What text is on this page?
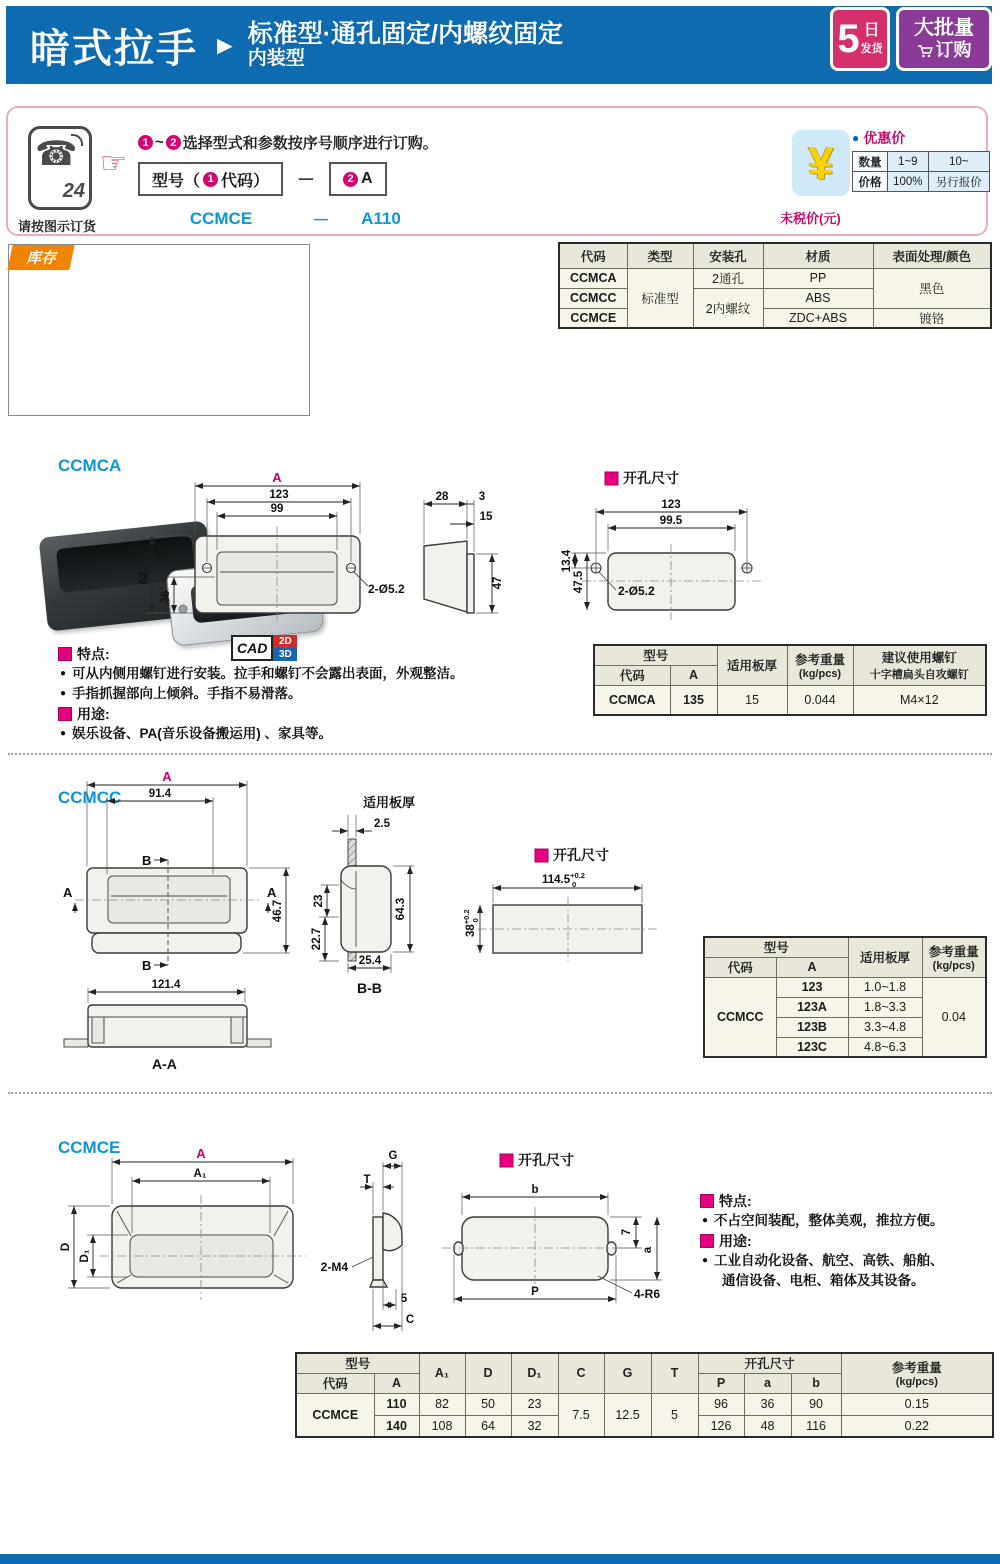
暗式拉手 ► 标准型·通孔固定/内螺纹固定
内装型	5 日
发货
大批量
订购
☎
24
请按图示订货
☞
1 ~ 2 选择型式和参数按序号顺序进行订购。
型号（ 1 代码） －	2 A
CCMCE	－	A110
¥
未税价(元)
● 优惠价
数量	1~9	10~
价格	100%	另行报价
CAD	2D
3D
库存	代码	类型	安装孔	材质	表面处理/颜色
CCMCA	标准型	2通孔	PP	黑色
CCMCC		2内螺纹	ABS	
CCMCE			ZDC+ABS	镀铬
CCMCA
A
123
99
62
36
2-Ø5.2
28	3
15
47
开孔尺寸
123
99.5
13.4
47.5	2-Ø5.2
特点:
● 可从内侧用螺钉进行安装。拉手和螺钉不会露出表面，外观整洁。
● 手指抓握部向上倾斜。手指不易滑落。
用途:
● 娱乐设备、PA(音乐设备搬运用) 、家具等。
型号	适用板厚	参考重量
(kg/pcs)

建议使用螺钉
十字槽扁头自攻螺钉

代码	A			
CCMCA	135	15	0.044	M4×12
CCMCC
B
B
A	A
A
91.4
46.7
121.4
A-A
适用板厚
2.5
23
22.7
64.3
25.4
B-B
开孔尺寸
$114.5^{+0.2}$ 0
$38^{+0.2}0$
型号		适用板厚	参考重量
(kg/pcs)

代码	A		
CCMCC	123	1.0~1.8	0.04
	123A	1.8~3.3	
	123B	3.3~4.8	
	123C	4.8~6.3	
CCMCE	A
A₁
D
D₁
G
T
2-M4
5
C
开孔尺寸
b
7
a
P	4-R6
特点:
● 不占空间装配，整体美观，推拉方便。
用途:
● 工业自动化设备、航空、高铁、船舶、
通信设备、电柜、箱体及其设备。
型号		A₁	D	D₁	C	G	T	开孔尺寸			参考重量
(kg/pcs)

代码	A							P	a	b	
CCMCE	110	82	50	23	7.5	12.5	5	96	36	90	0.15
	140	108	64	32				126	48	116	0.22
